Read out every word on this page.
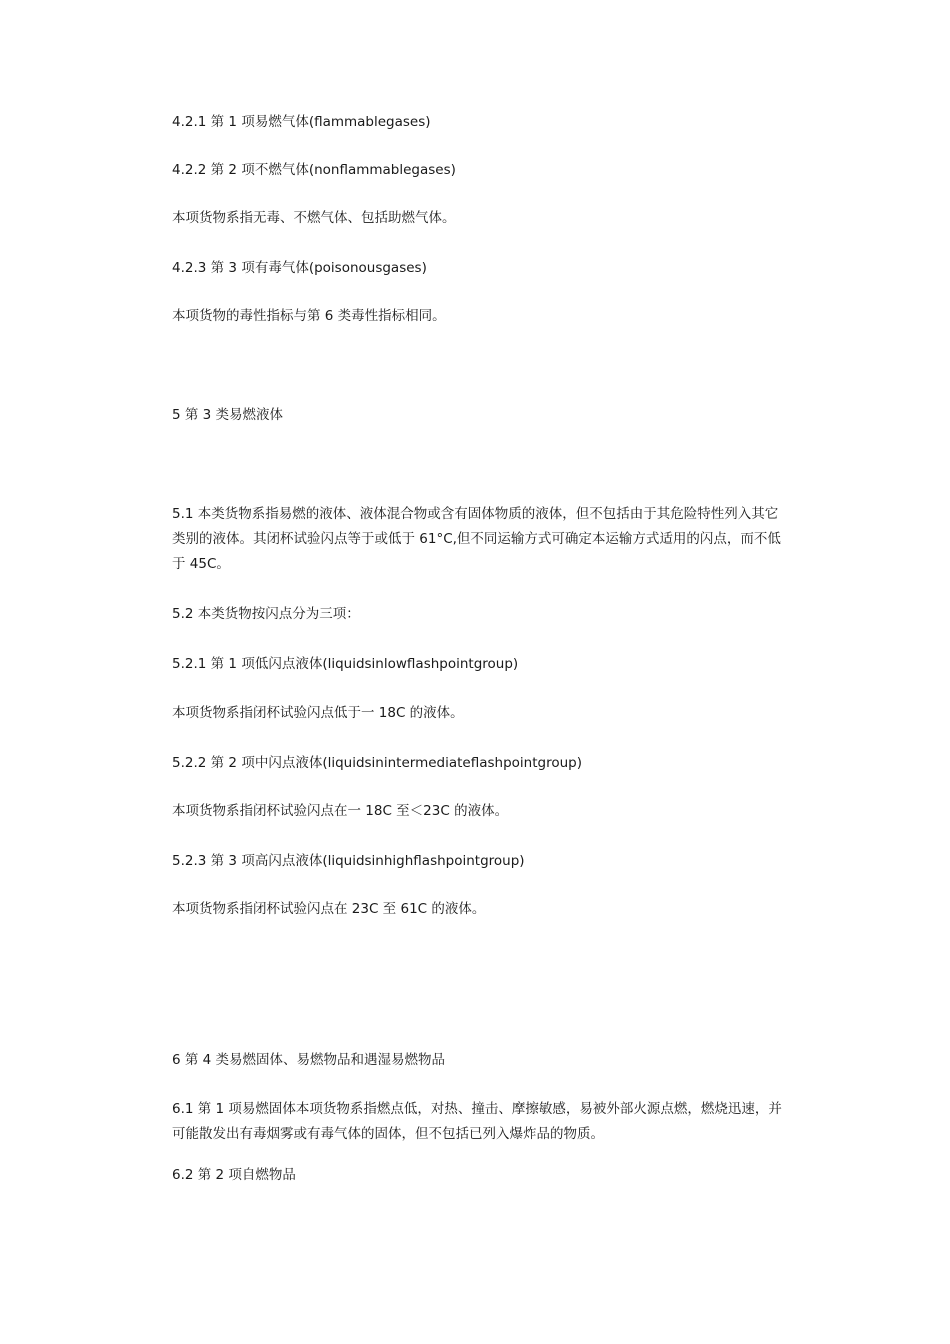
4.2.1 第 1 项易燃气体(flammablegases)

4.2.2 第 2 项不燃气体(nonflammablegases)

本项货物系指无毒、不燃气体、包括助燃气体。

4.2.3 第 3 项有毒气体(poisonousgases)

本项货物的毒性指标与第 6 类毒性指标相同。

5 第 3 类易燃液体

5.1 本类货物系指易燃的液体、液体混合物或含有固体物质的液体，但不包括由于其危险特性列入其它类别的液体。其闭杯试验闪点等于或低于 61°C,但不同运输方式可确定本运输方式适用的闪点，而不低于 45C。

5.2 本类货物按闪点分为三项：

5.2.1 第 1 项低闪点液体(liquidsinlowflashpointgroup)

本项货物系指闭杯试验闪点低于一 18C 的液体。

5.2.2 第 2 项中闪点液体(liquidsinintermediateflashpointgroup)

本项货物系指闭杯试验闪点在一 18C 至＜23C 的液体。

5.2.3 第 3 项高闪点液体(liquidsinhighflashpointgroup)

本项货物系指闭杯试验闪点在 23C 至 61C 的液体。

6 第 4 类易燃固体、易燃物品和遇湿易燃物品

6.1 第 1 项易燃固体本项货物系指燃点低，对热、撞击、摩擦敏感，易被外部火源点燃，燃烧迅速，并可能散发出有毒烟雾或有毒气体的固体，但不包括已列入爆炸品的物质。

6.2 第 2 项自燃物品
